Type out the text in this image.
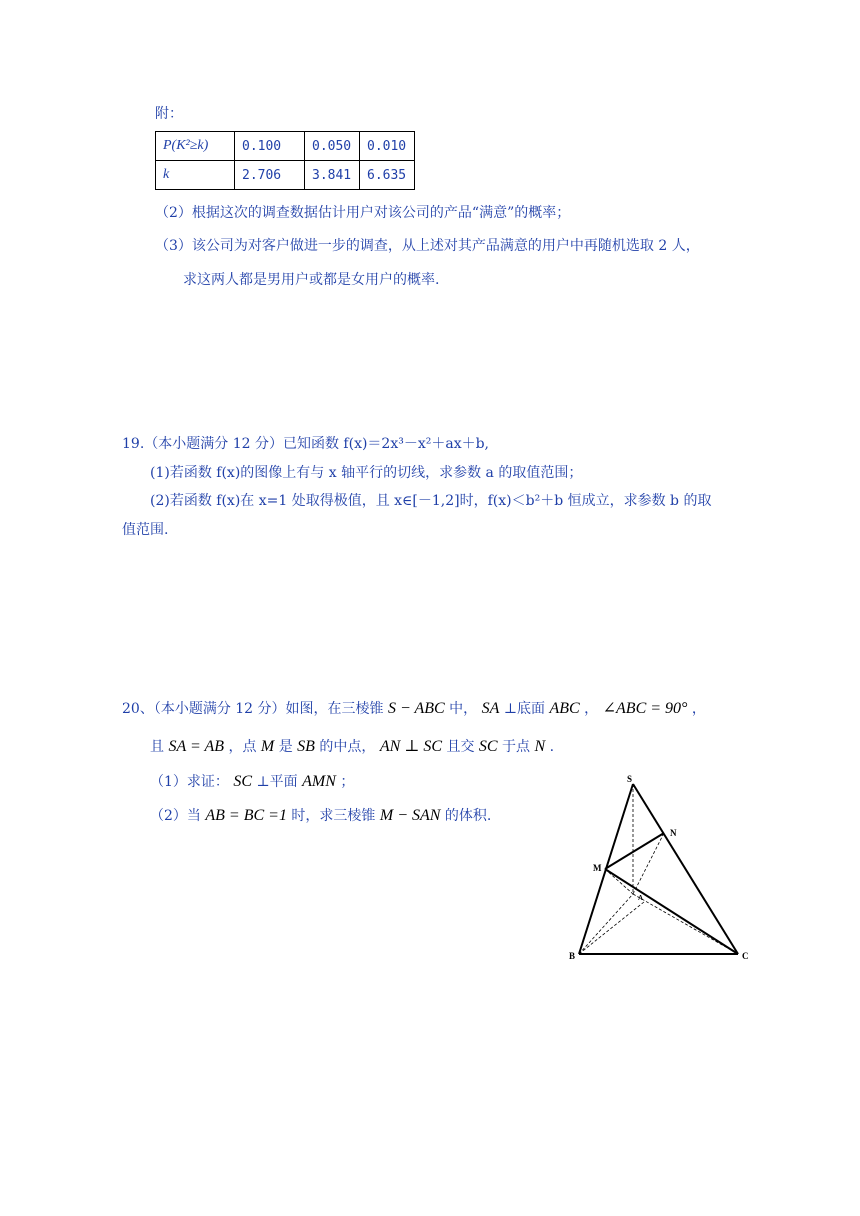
附：
P(K²≥k)	0.100	0.050	0.010
k	2.706	3.841	6.635
（2）根据这次的调查数据估计用户对该公司的产品“满意”的概率；
（3）该公司为对客户做进一步的调查，从上述对其产品满意的用户中再随机选取 2 人，
求这两人都是男用户或都是女用户的概率.
19.（本小题满分 12 分）已知函数 f(x)＝2x³－x²＋ax＋b,
(1)若函数 f(x)的图像上有与 x 轴平行的切线，求参数 a 的取值范围；
(2)若函数 f(x)在 x=1 处取得极值，且 x∈[－1,2]时，f(x)＜b²＋b 恒成立，求参数 b 的取
值范围.
20、（本小题满分 12 分）如图，在三棱锥 S − ABC 中， SA ⊥底面 ABC ， ∠ABC = 90° ，
且 SA = AB ，点 M 是 SB 的中点， AN ⊥ SC 且交 SC 于点 N .
（1）求证： SC ⊥平面 AMN ；
（2）当 AB = BC =1 时，求三棱锥 M − SAN 的体积.
S
N
M
A
B	C
